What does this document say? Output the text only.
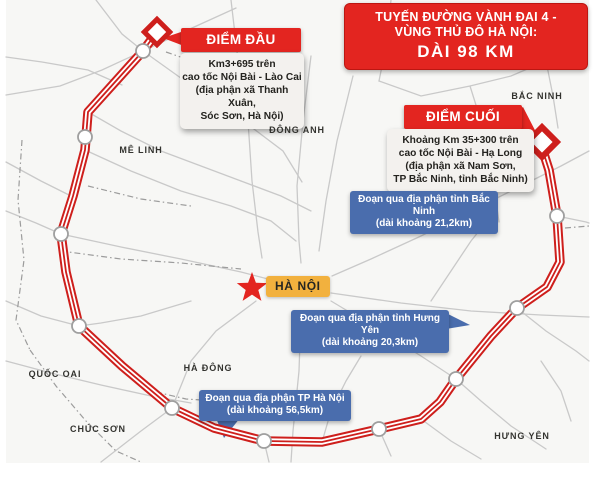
TUYẾN ĐƯỜNG VÀNH ĐAI 4 -
VÙNG THỦ ĐÔ HÀ NỘI:
DÀI 98 KM
ĐIỂM ĐẦU
Km3+695 trên
cao tốc Nội Bài - Lào Cai
(địa phận xã Thanh Xuân,
Sóc Sơn, Hà Nội)	ĐIỂM CUỐI
Khoảng Km 35+300 trên
cao tốc Nội Bài - Hạ Long
(địa phận xã Nam Sơn,
TP Bắc Ninh, tỉnh Bắc Ninh)
Đoạn qua địa phận tỉnh Bắc Ninh
(dài khoảng 21,2km)
Đoạn qua địa phận tỉnh Hưng Yên
(dài khoảng 20,3km)
Đoạn qua địa phận TP Hà Nội
(dài khoảng 56,5km)
HÀ NỘI
MÊ LINH
ĐÔNG ANH
BẮC NINH
QUỐC OAI
HÀ ĐÔNG
CHÚC SƠN
HƯNG YÊN
